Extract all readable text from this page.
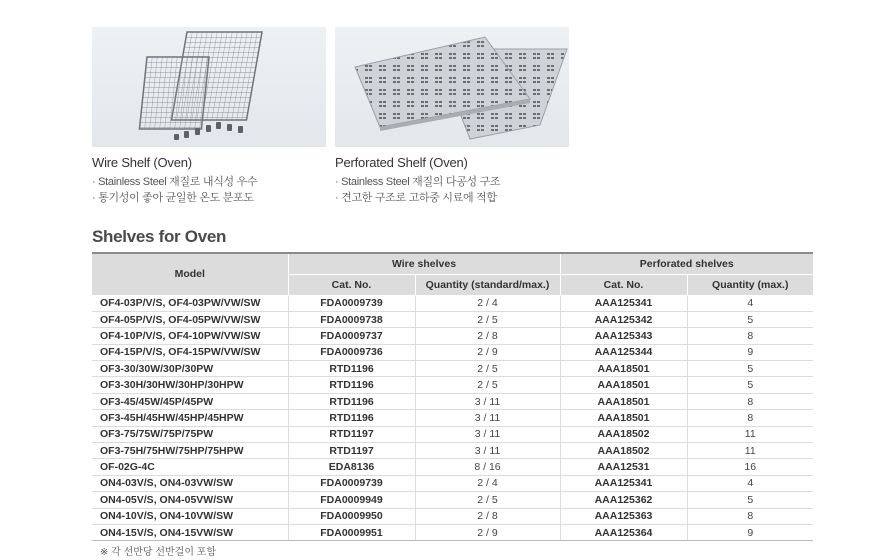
Wire Shelf (Oven)
· Stainless Steel 재질로 내식성 우수
· 통기성이 좋아 균일한 온도 분포도
Perforated Shelf (Oven)
· Stainless Steel 재질의 다공성 구조
· 견고한 구조로 고하중 시료에 적합
Shelves for Oven
Model	Wire shelves		Perforated shelves	
	Cat. No.	Quantity (standard/max.)	Cat. No.	Quantity (max.)
OF4-03P/V/S, OF4-03PW/VW/SW	FDA0009739	2 / 4	AAA125341	4
OF4-05P/V/S, OF4-05PW/VW/SW	FDA0009738	2 / 5	AAA125342	5
OF4-10P/V/S, OF4-10PW/VW/SW	FDA0009737	2 / 8	AAA125343	8
OF4-15P/V/S, OF4-15PW/VW/SW	FDA0009736	2 / 9	AAA125344	9
OF3-30/30W/30P/30PW	RTD1196	2 / 5	AAA18501	5
OF3-30H/30HW/30HP/30HPW	RTD1196	2 / 5	AAA18501	5
OF3-45/45W/45P/45PW	RTD1196	3 / 11	AAA18501	8
OF3-45H/45HW/45HP/45HPW	RTD1196	3 / 11	AAA18501	8
OF3-75/75W/75P/75PW	RTD1197	3 / 11	AAA18502	11
OF3-75H/75HW/75HP/75HPW	RTD1197	3 / 11	AAA18502	11
OF-02G-4C	EDA8136	8 / 16	AAA12531	16
ON4-03V/S, ON4-03VW/SW	FDA0009739	2 / 4	AAA125341	4
ON4-05V/S, ON4-05VW/SW	FDA0009949	2 / 5	AAA125362	5
ON4-10V/S, ON4-10VW/SW	FDA0009950	2 / 8	AAA125363	8
ON4-15V/S, ON4-15VW/SW	FDA0009951	2 / 9	AAA125364	9
※ 각 선반당 선반걸이 포함
